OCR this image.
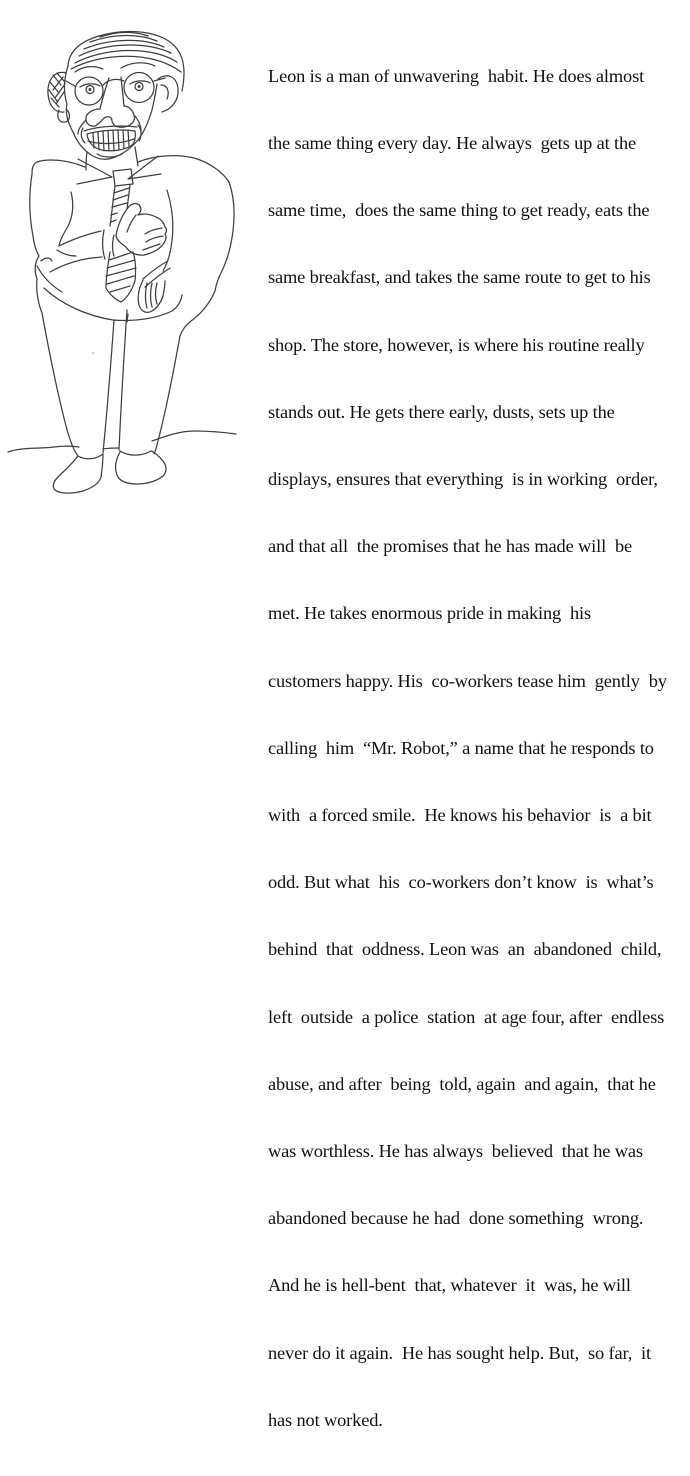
Leon is a man of unwavering  habit. He does almost

the same thing every day. He always  gets up at the

same time,  does the same thing to get ready, eats the

same breakfast, and takes the same route to get to his

shop. The store, however, is where his routine really

stands out. He gets there early, dusts, sets up the

displays, ensures that everything  is in working  order,

and that all  the promises that he has made will  be

met. He takes enormous pride in making  his

customers happy. His  co-workers tease him  gently  by

calling  him  “Mr. Robot,” a name that he responds to

with  a forced smile.  He knows his behavior  is  a bit

odd. But what  his  co-workers don’t know  is  what’s

behind  that  oddness. Leon was  an  abandoned  child,

left  outside  a police  station  at age four, after  endless

abuse, and after  being  told, again  and again,  that he

was worthless. He has always  believed  that he was

abandoned because he had  done something  wrong.

And he is hell-bent  that, whatever  it  was, he will

never do it again.  He has sought help. But,  so far,  it

has not worked.
